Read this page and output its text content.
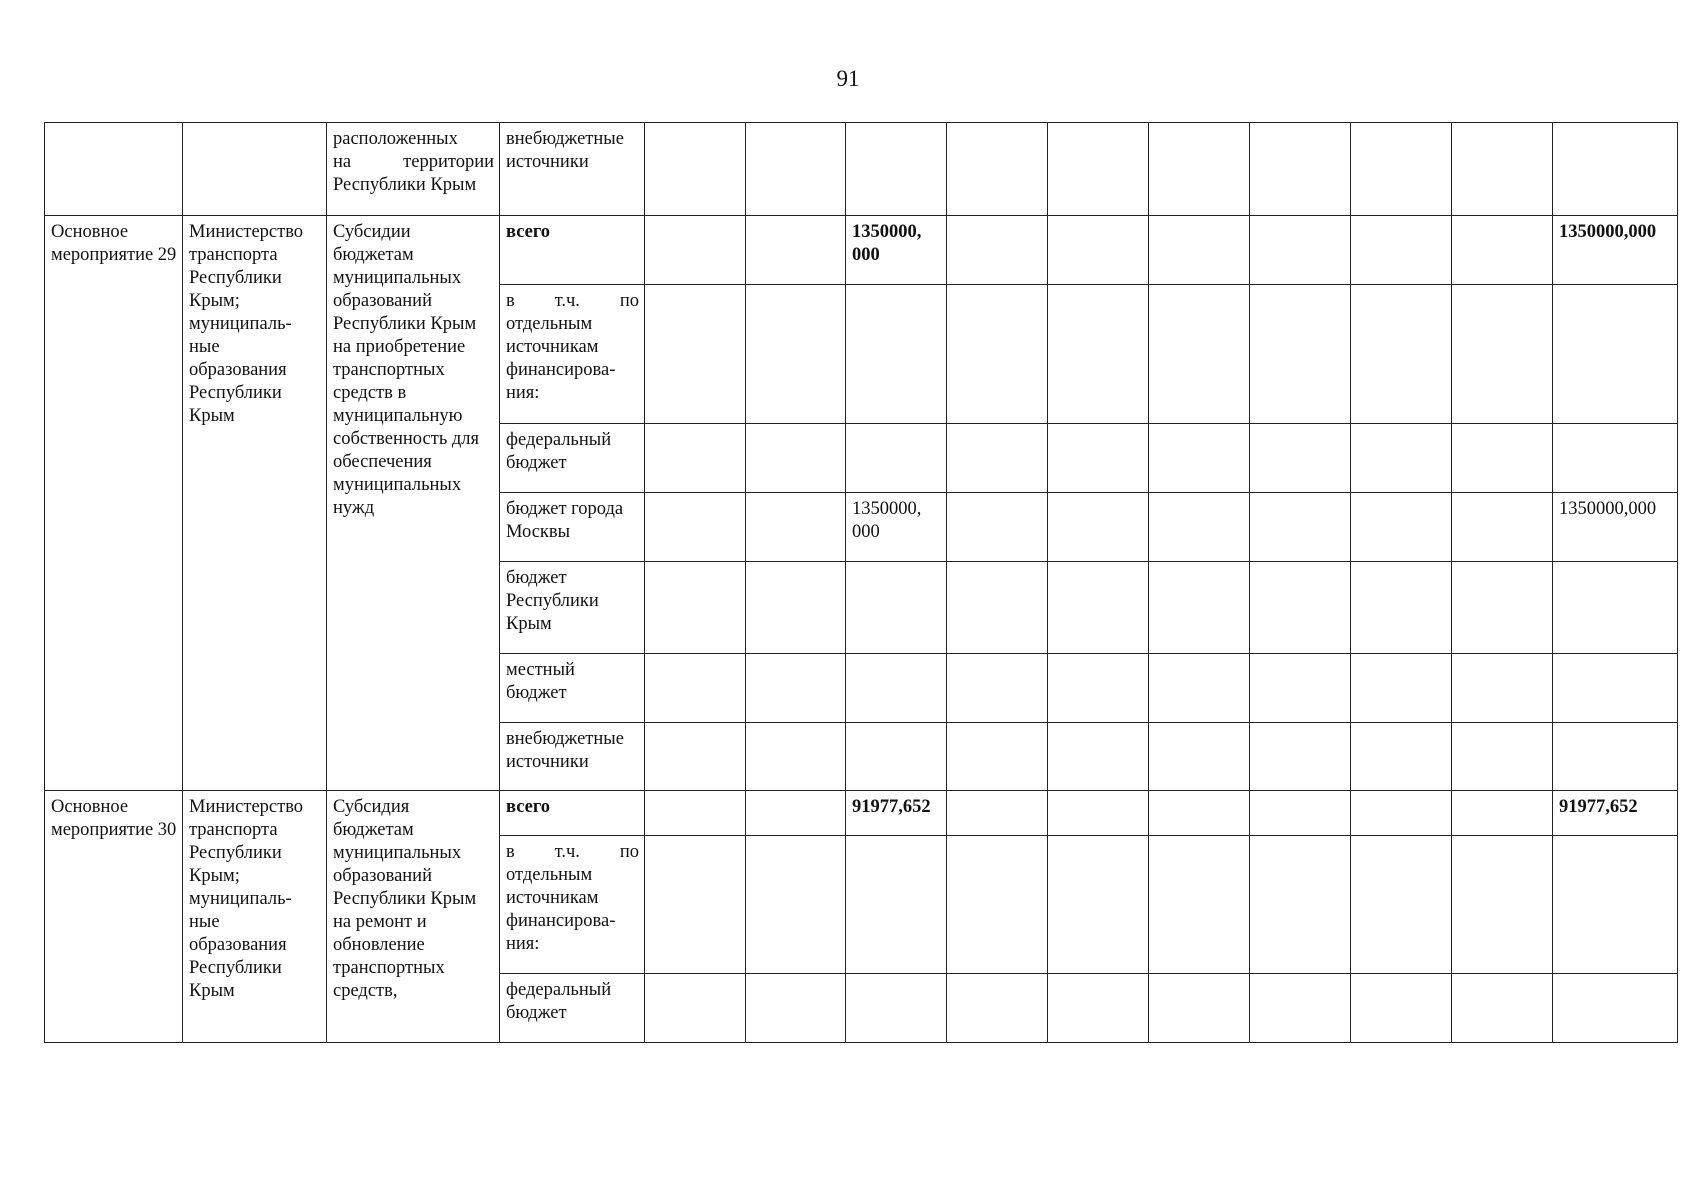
91

		расположенных
на территории
Республики Крым	внебюджетные источники										
Основное мероприятие 29	Министерство транспорта Республики Крым; муниципаль-ные образования Республики Крым	Субсидии бюджетам муниципальных образований Республики Крым на приобретение транспортных средств в муниципальную собственность для обеспечения муниципальных нужд	всего			1350000, 000							1350000,000

			в т.ч. по
отдельным
источникам
финансирова-
ния:										

			федеральный бюджет										
			бюджет города Москвы			1350000, 000							1350000,000
			бюджет Республики Крым										
			местный бюджет										
			внебюджетные источники										
Основное мероприятие 30	Министерство транспорта Республики Крым; муниципаль-ные образования Республики Крым	Субсидия бюджетам муниципальных образований Республики Крым на ремонт и обновление транспортных средств,	всего			91977,652							91977,652

			в т.ч. по
отдельным
источникам
финансирова-
ния:										

			федеральный бюджет										
